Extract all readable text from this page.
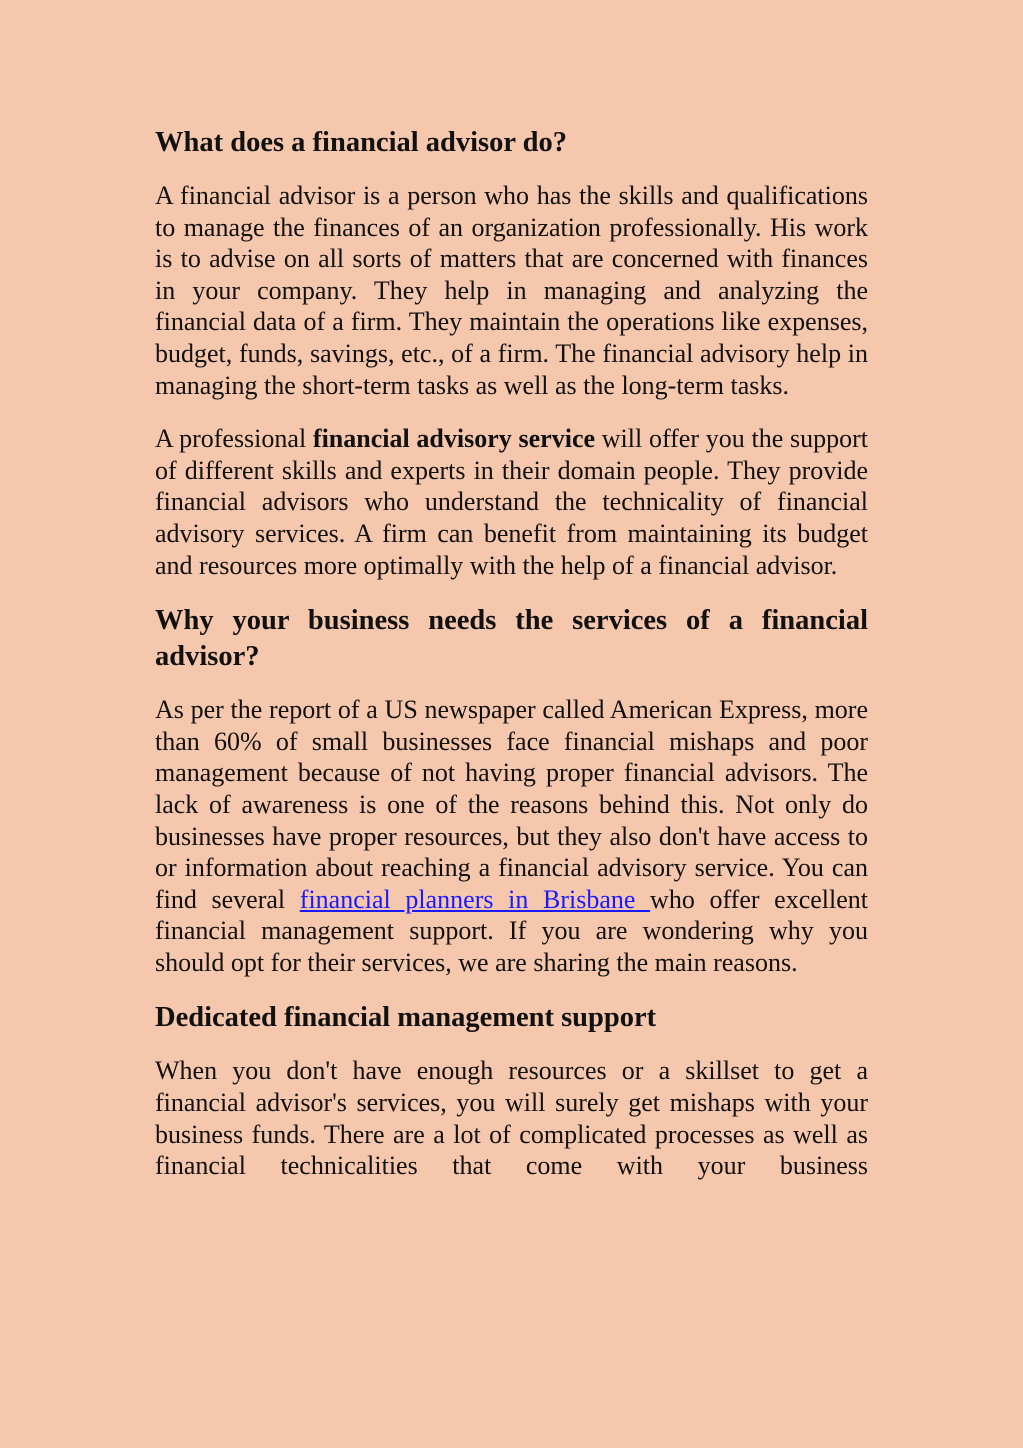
What does a financial advisor do?

A financial advisor is a person who has the skills and qualifications to manage the finances of an organization professionally. His work is to advise on all sorts of matters that are concerned with finances in your company. They help in managing and analyzing the financial data of a firm. They maintain the operations like expenses, budget, funds, savings, etc., of a firm. The financial advisory help in managing the short-term tasks as well as the long-term tasks.

A professional financial advisory service will offer you the support of different skills and experts in their domain people. They provide financial advisors who understand the technicality of financial advisory services. A firm can benefit from maintaining its budget and resources more optimally with the help of a financial advisor.

Why your business needs the services of a financial advisor?

As per the report of a US newspaper called American Express, more than 60% of small businesses face financial mishaps and poor management because of not having proper financial advisors. The lack of awareness is one of the reasons behind this. Not only do businesses have proper resources, but they also don't have access to or information about reaching a financial advisory service. You can find several financial planners in Brisbane who offer excellent financial management support. If you are wondering why you should opt for their services, we are sharing the main reasons.

Dedicated financial management support

When you don't have enough resources or a skillset to get a financial advisor's services, you will surely get mishaps with your business funds. There are a lot of complicated processes as well as financial technicalities that come with your business
